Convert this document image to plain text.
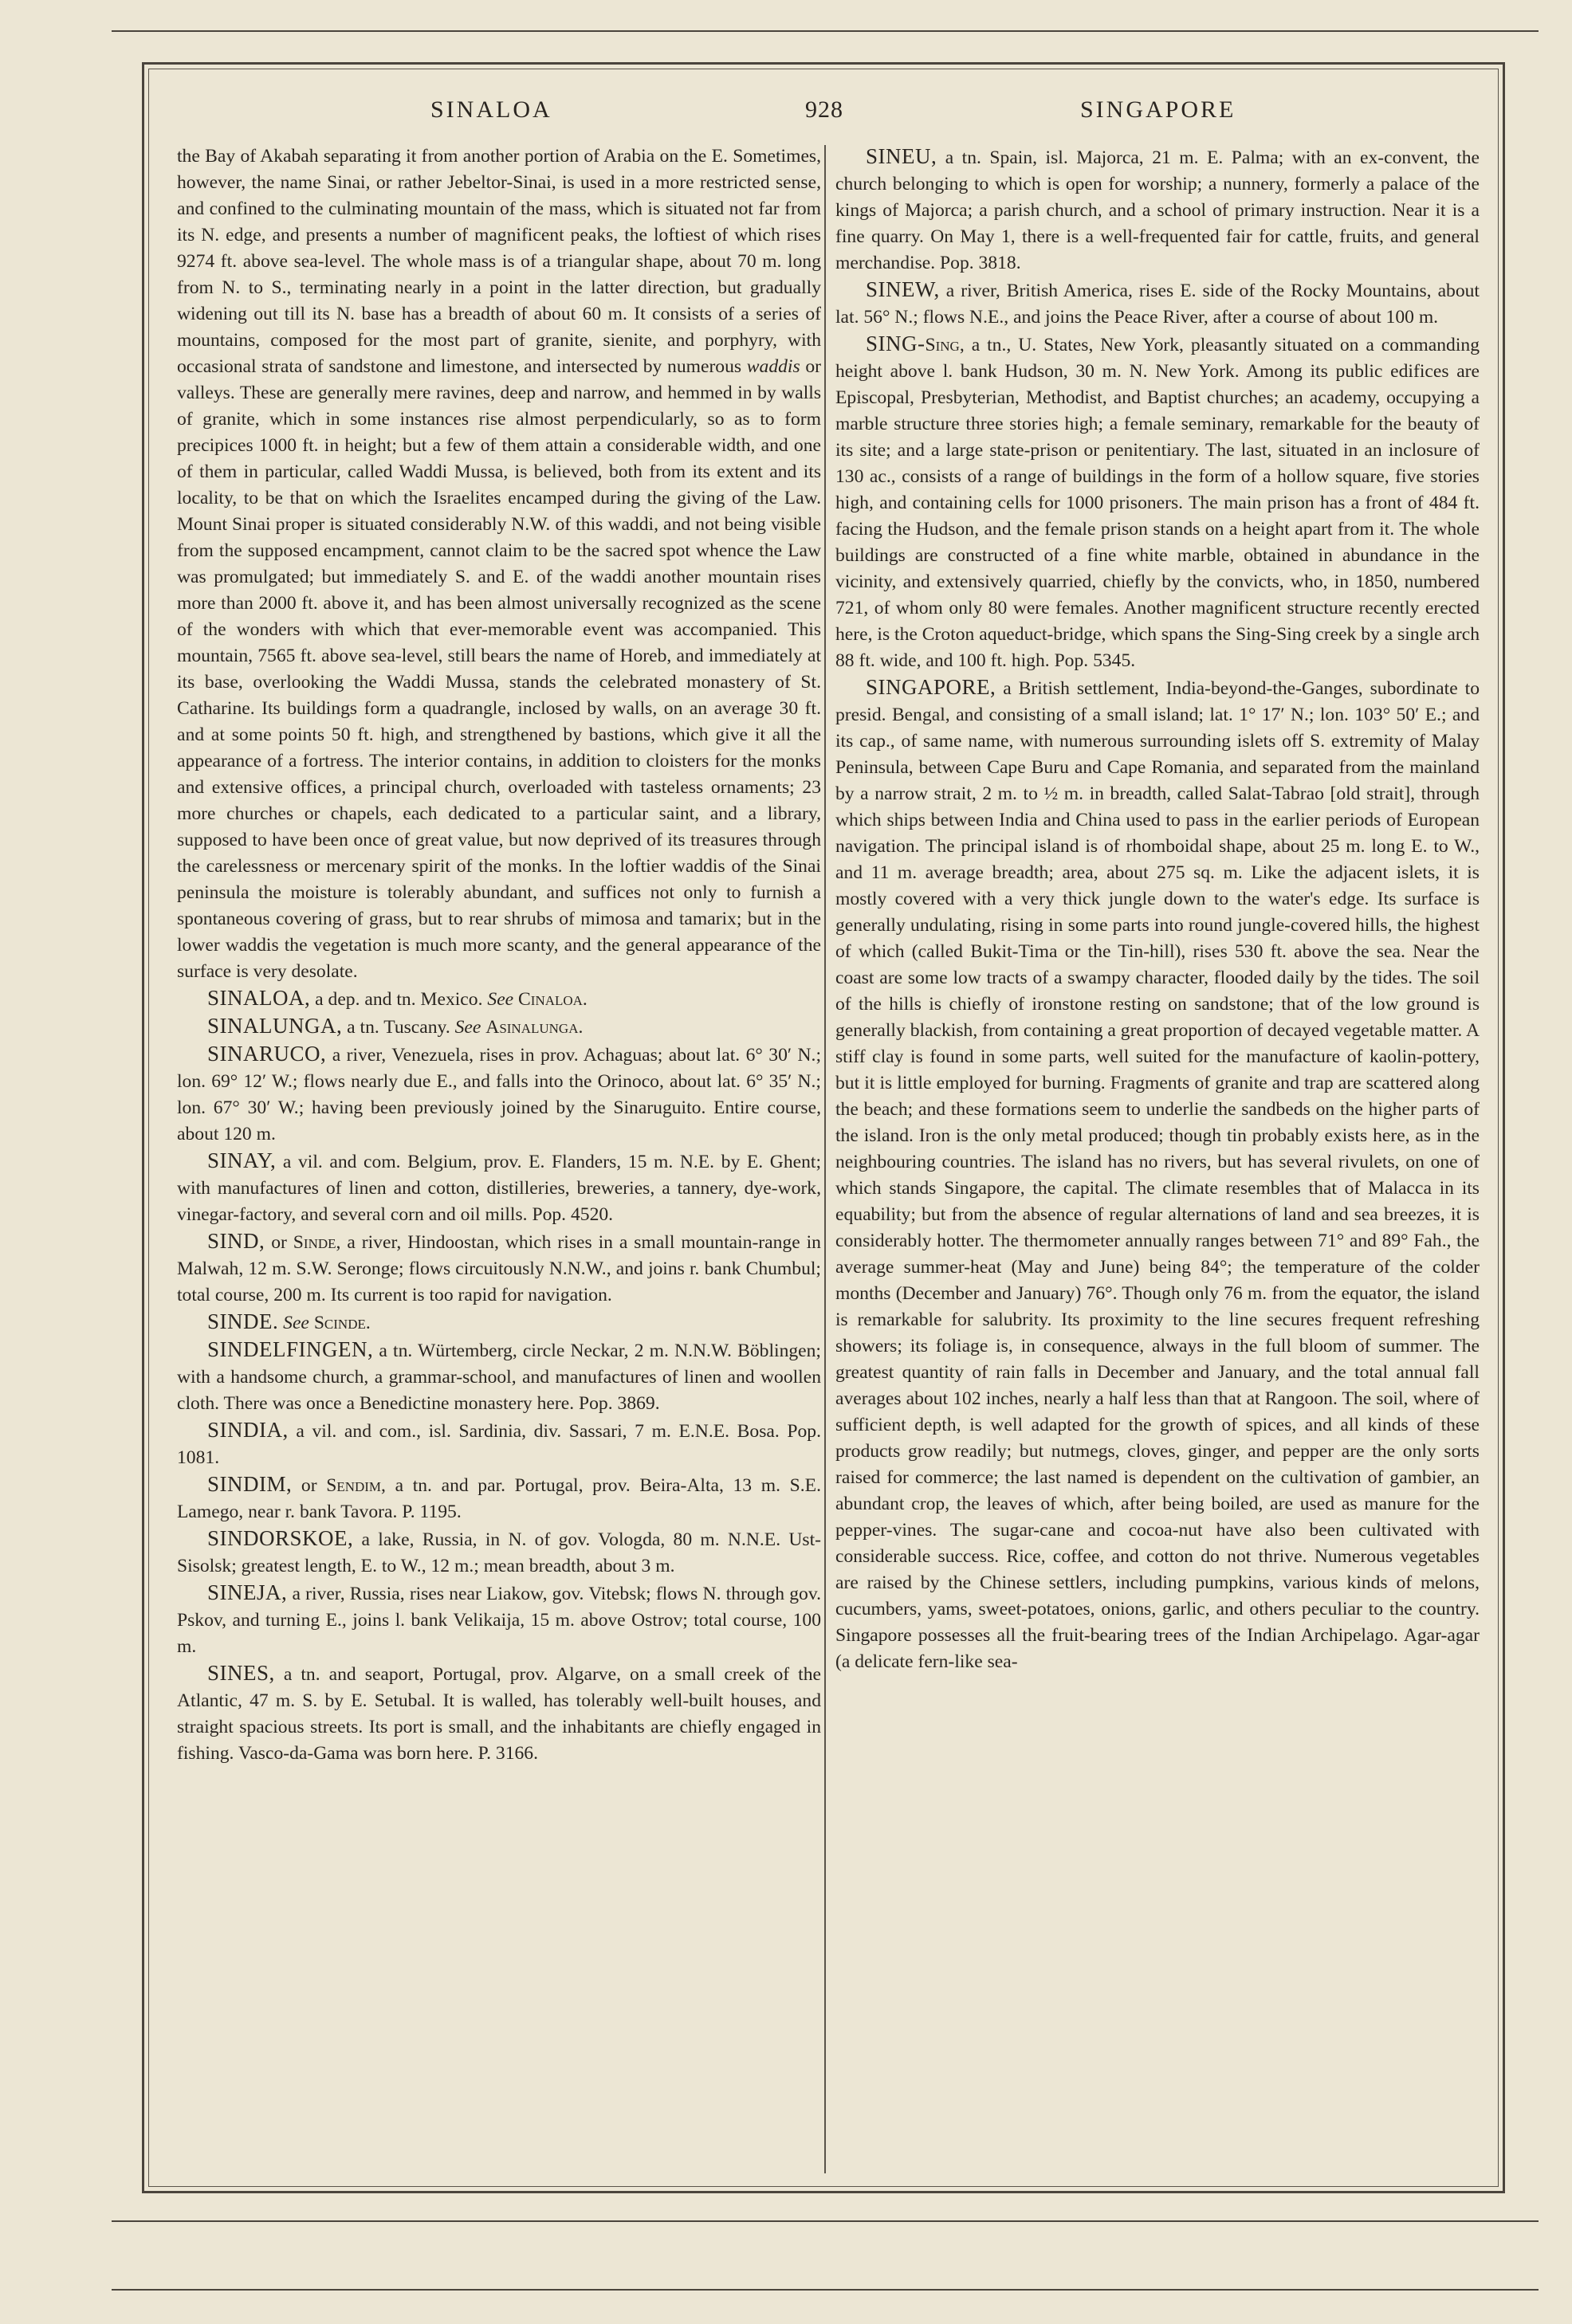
SINALOA	928	SINGAPORE

the Bay of Akabah separating it from another portion of Arabia on the E. Sometimes, however, the name Sinai, or rather Jebeltor-Sinai, is used in a more restricted sense, and confined to the culminating mountain of the mass, which is situated not far from its N. edge, and presents a number of magnificent peaks, the loftiest of which rises 9274 ft. above sea-level. The whole mass is of a triangular shape, about 70 m. long from N. to S., terminating nearly in a point in the latter direction, but gradually widening out till its N. base has a breadth of about 60 m. It consists of a series of mountains, composed for the most part of granite, sienite, and porphyry, with occasional strata of sandstone and limestone, and intersected by numerous waddis or valleys. These are generally mere ravines, deep and narrow, and hemmed in by walls of granite, which in some instances rise almost perpendicularly, so as to form precipices 1000 ft. in height; but a few of them attain a considerable width, and one of them in particular, called Waddi Mussa, is believed, both from its extent and its locality, to be that on which the Israelites encamped during the giving of the Law. Mount Sinai proper is situated considerably N.W. of this waddi, and not being visible from the supposed encampment, cannot claim to be the sacred spot whence the Law was promulgated; but immediately S. and E. of the waddi another mountain rises more than 2000 ft. above it, and has been almost universally recognized as the scene of the wonders with which that ever-memorable event was accompanied. This mountain, 7565 ft. above sea-level, still bears the name of Horeb, and immediately at its base, overlooking the Waddi Mussa, stands the celebrated monastery of St. Catharine. Its buildings form a quadrangle, inclosed by walls, on an average 30 ft. and at some points 50 ft. high, and strengthened by bastions, which give it all the appearance of a fortress. The interior contains, in addition to cloisters for the monks and extensive offices, a principal church, overloaded with tasteless ornaments; 23 more churches or chapels, each dedicated to a particular saint, and a library, supposed to have been once of great value, but now deprived of its treasures through the carelessness or mercenary spirit of the monks. In the loftier waddis of the Sinai peninsula the moisture is tolerably abundant, and suffices not only to furnish a spontaneous covering of grass, but to rear shrubs of mimosa and tamarix; but in the lower waddis the vegetation is much more scanty, and the general appearance of the surface is very desolate.

SINALOA, a dep. and tn. Mexico. See Cinaloa.

SINALUNGA, a tn. Tuscany. See Asinalunga.

SINARUCO, a river, Venezuela, rises in prov. Achaguas; about lat. 6° 30′ N.; lon. 69° 12′ W.; flows nearly due E., and falls into the Orinoco, about lat. 6° 35′ N.; lon. 67° 30′ W.; having been previously joined by the Sinaruguito. Entire course, about 120 m.

SINAY, a vil. and com. Belgium, prov. E. Flanders, 15 m. N.E. by E. Ghent; with manufactures of linen and cotton, distilleries, breweries, a tannery, dye-work, vinegar-factory, and several corn and oil mills. Pop. 4520.

SIND, or Sinde, a river, Hindoostan, which rises in a small mountain-range in Malwah, 12 m. S.W. Seronge; flows circuitously N.N.W., and joins r. bank Chumbul; total course, 200 m. Its current is too rapid for navigation.

SINDE. See Scinde.

SINDELFINGEN, a tn. Würtemberg, circle Neckar, 2 m. N.N.W. Böblingen; with a handsome church, a grammar-school, and manufactures of linen and woollen cloth. There was once a Benedictine monastery here. Pop. 3869.

SINDIA, a vil. and com., isl. Sardinia, div. Sassari, 7 m. E.N.E. Bosa. Pop. 1081.

SINDIM, or Sendim, a tn. and par. Portugal, prov. Beira-Alta, 13 m. S.E. Lamego, near r. bank Tavora. P. 1195.

SINDORSKOE, a lake, Russia, in N. of gov. Vologda, 80 m. N.N.E. Ust-Sisolsk; greatest length, E. to W., 12 m.; mean breadth, about 3 m.

SINEJA, a river, Russia, rises near Liakow, gov. Vitebsk; flows N. through gov. Pskov, and turning E., joins l. bank Velikaija, 15 m. above Ostrov; total course, 100 m.

SINES, a tn. and seaport, Portugal, prov. Algarve, on a small creek of the Atlantic, 47 m. S. by E. Setubal. It is walled, has tolerably well-built houses, and straight spacious streets. Its port is small, and the inhabitants are chiefly engaged in fishing. Vasco-da-Gama was born here. P. 3166.

SINEU, a tn. Spain, isl. Majorca, 21 m. E. Palma; with an ex-convent, the church belonging to which is open for worship; a nunnery, formerly a palace of the kings of Majorca; a parish church, and a school of primary instruction. Near it is a fine quarry. On May 1, there is a well-frequented fair for cattle, fruits, and general merchandise. Pop. 3818.

SINEW, a river, British America, rises E. side of the Rocky Mountains, about lat. 56° N.; flows N.E., and joins the Peace River, after a course of about 100 m.

SING-Sing, a tn., U. States, New York, pleasantly situated on a commanding height above l. bank Hudson, 30 m. N. New York. Among its public edifices are Episcopal, Presbyterian, Methodist, and Baptist churches; an academy, occupying a marble structure three stories high; a female seminary, remarkable for the beauty of its site; and a large state-prison or penitentiary. The last, situated in an inclosure of 130 ac., consists of a range of buildings in the form of a hollow square, five stories high, and containing cells for 1000 prisoners. The main prison has a front of 484 ft. facing the Hudson, and the female prison stands on a height apart from it. The whole buildings are constructed of a fine white marble, obtained in abundance in the vicinity, and extensively quarried, chiefly by the convicts, who, in 1850, numbered 721, of whom only 80 were females. Another magnificent structure recently erected here, is the Croton aqueduct-bridge, which spans the Sing-Sing creek by a single arch 88 ft. wide, and 100 ft. high. Pop. 5345.

SINGAPORE, a British settlement, India-beyond-the-Ganges, subordinate to presid. Bengal, and consisting of a small island; lat. 1° 17′ N.; lon. 103° 50′ E.; and its cap., of same name, with numerous surrounding islets off S. extremity of Malay Peninsula, between Cape Buru and Cape Romania, and separated from the mainland by a narrow strait, 2 m. to ½ m. in breadth, called Salat-Tabrao [old strait], through which ships between India and China used to pass in the earlier periods of European navigation. The principal island is of rhomboidal shape, about 25 m. long E. to W., and 11 m. average breadth; area, about 275 sq. m. Like the adjacent islets, it is mostly covered with a very thick jungle down to the water's edge. Its surface is generally undulating, rising in some parts into round jungle-covered hills, the highest of which (called Bukit-Tima or the Tin-hill), rises 530 ft. above the sea. Near the coast are some low tracts of a swampy character, flooded daily by the tides. The soil of the hills is chiefly of ironstone resting on sandstone; that of the low ground is generally blackish, from containing a great proportion of decayed vegetable matter. A stiff clay is found in some parts, well suited for the manufacture of kaolin-pottery, but it is little employed for burning. Fragments of granite and trap are scattered along the beach; and these formations seem to underlie the sandbeds on the higher parts of the island. Iron is the only metal produced; though tin probably exists here, as in the neighbouring countries. The island has no rivers, but has several rivulets, on one of which stands Singapore, the capital. The climate resembles that of Malacca in its equability; but from the absence of regular alternations of land and sea breezes, it is considerably hotter. The thermometer annually ranges between 71° and 89° Fah., the average summer-heat (May and June) being 84°; the temperature of the colder months (December and January) 76°. Though only 76 m. from the equator, the island is remarkable for salubrity. Its proximity to the line secures frequent refreshing showers; its foliage is, in consequence, always in the full bloom of summer. The greatest quantity of rain falls in December and January, and the total annual fall averages about 102 inches, nearly a half less than that at Rangoon. The soil, where of sufficient depth, is well adapted for the growth of spices, and all kinds of these products grow readily; but nutmegs, cloves, ginger, and pepper are the only sorts raised for commerce; the last named is dependent on the cultivation of gambier, an abundant crop, the leaves of which, after being boiled, are used as manure for the pepper-vines. The sugar-cane and cocoa-nut have also been cultivated with considerable success. Rice, coffee, and cotton do not thrive. Numerous vegetables are raised by the Chinese settlers, including pumpkins, various kinds of melons, cucumbers, yams, sweet-potatoes, onions, garlic, and others peculiar to the country. Singapore possesses all the fruit-bearing trees of the Indian Archipelago. Agar-agar (a delicate fern-like sea-
